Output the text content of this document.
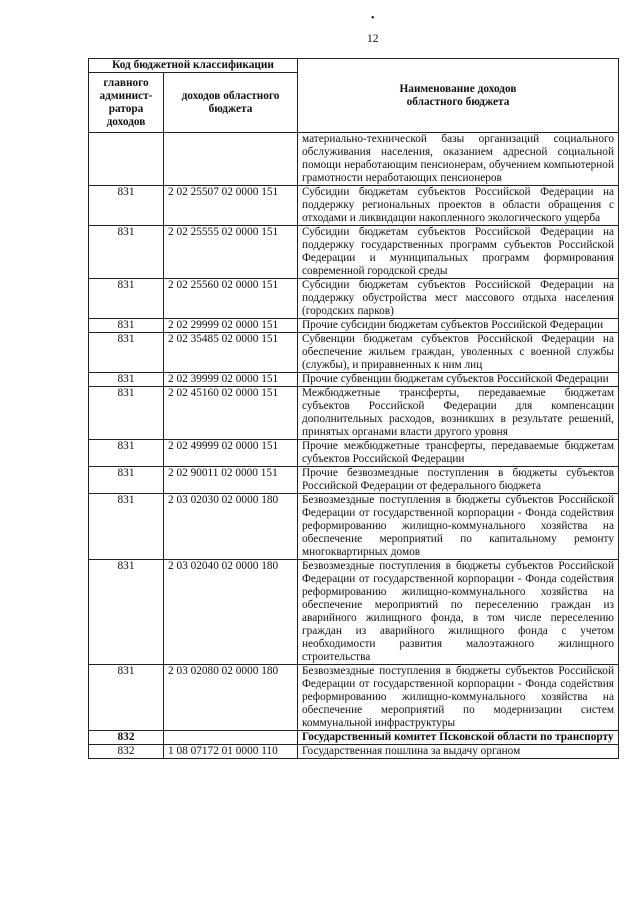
•
12
Код бюджетной классификации		Наименование доходов областного бюджета
главного админист-ратора доходов	доходов областного бюджета	
		материально-технической базы организаций социального обслуживания населения, оказанием адресной социальной помощи неработающим пенсионерам, обучением компьютерной грамотности неработающих пенсионеров
831	2 02 25507 02 0000 151	Субсидии бюджетам субъектов Российской Федерации на поддержку региональных проектов в области обращения с отходами и ликвидации накопленного экологического ущерба
831	2 02 25555 02 0000 151	Субсидии бюджетам субъектов Российской Федерации на поддержку государственных программ субъектов Российской Федерации и муниципальных программ формирования современной городской среды
831	2 02 25560 02 0000 151	Субсидии бюджетам субъектов Российской Федерации на поддержку обустройства мест массового отдыха населения (городских парков)
831	2 02 29999 02 0000 151	Прочие субсидии бюджетам субъектов Российской Федерации
831	2 02 35485 02 0000 151	Субвенции бюджетам субъектов Российской Федерации на обеспечение жильем граждан, уволенных с военной службы (службы), и приравненных к ним лиц
831	2 02 39999 02 0000 151	Прочие субвенции бюджетам субъектов Российской Федерации
831	2 02 45160 02 0000 151	Межбюджетные трансферты, передаваемые бюджетам субъектов Российской Федерации для компенсации дополнительных расходов, возникших в результате решений, принятых органами власти другого уровня
831	2 02 49999 02 0000 151	Прочие межбюджетные трансферты, передаваемые бюджетам субъектов Российской Федерации
831	2 02 90011 02 0000 151	Прочие безвозмездные поступления в бюджеты субъектов Российской Федерации от федерального бюджета
831	2 03 02030 02 0000 180	Безвозмездные поступления в бюджеты субъектов Российской Федерации от государственной корпорации - Фонда содействия реформированию жилищно-коммунального хозяйства на обеспечение мероприятий по капитальному ремонту многоквартирных домов
831	2 03 02040 02 0000 180	Безвозмездные поступления в бюджеты субъектов Российской Федерации от государственной корпорации - Фонда содействия реформированию жилищно-коммунального хозяйства на обеспечение мероприятий по переселению граждан из аварийного жилищного фонда, в том числе переселению граждан из аварийного жилищного фонда с учетом необходимости развития малоэтажного жилищного строительства
831	2 03 02080 02 0000 180	Безвозмездные поступления в бюджеты субъектов Российской Федерации от государственной корпорации - Фонда содействия реформированию жилищно-коммунального хозяйства на обеспечение мероприятий по модернизации систем коммунальной инфраструктуры
832		Государственный комитет Псковской области по транспорту
832	1 08 07172 01 0000 110	Государственная пошлина за выдачу органом
